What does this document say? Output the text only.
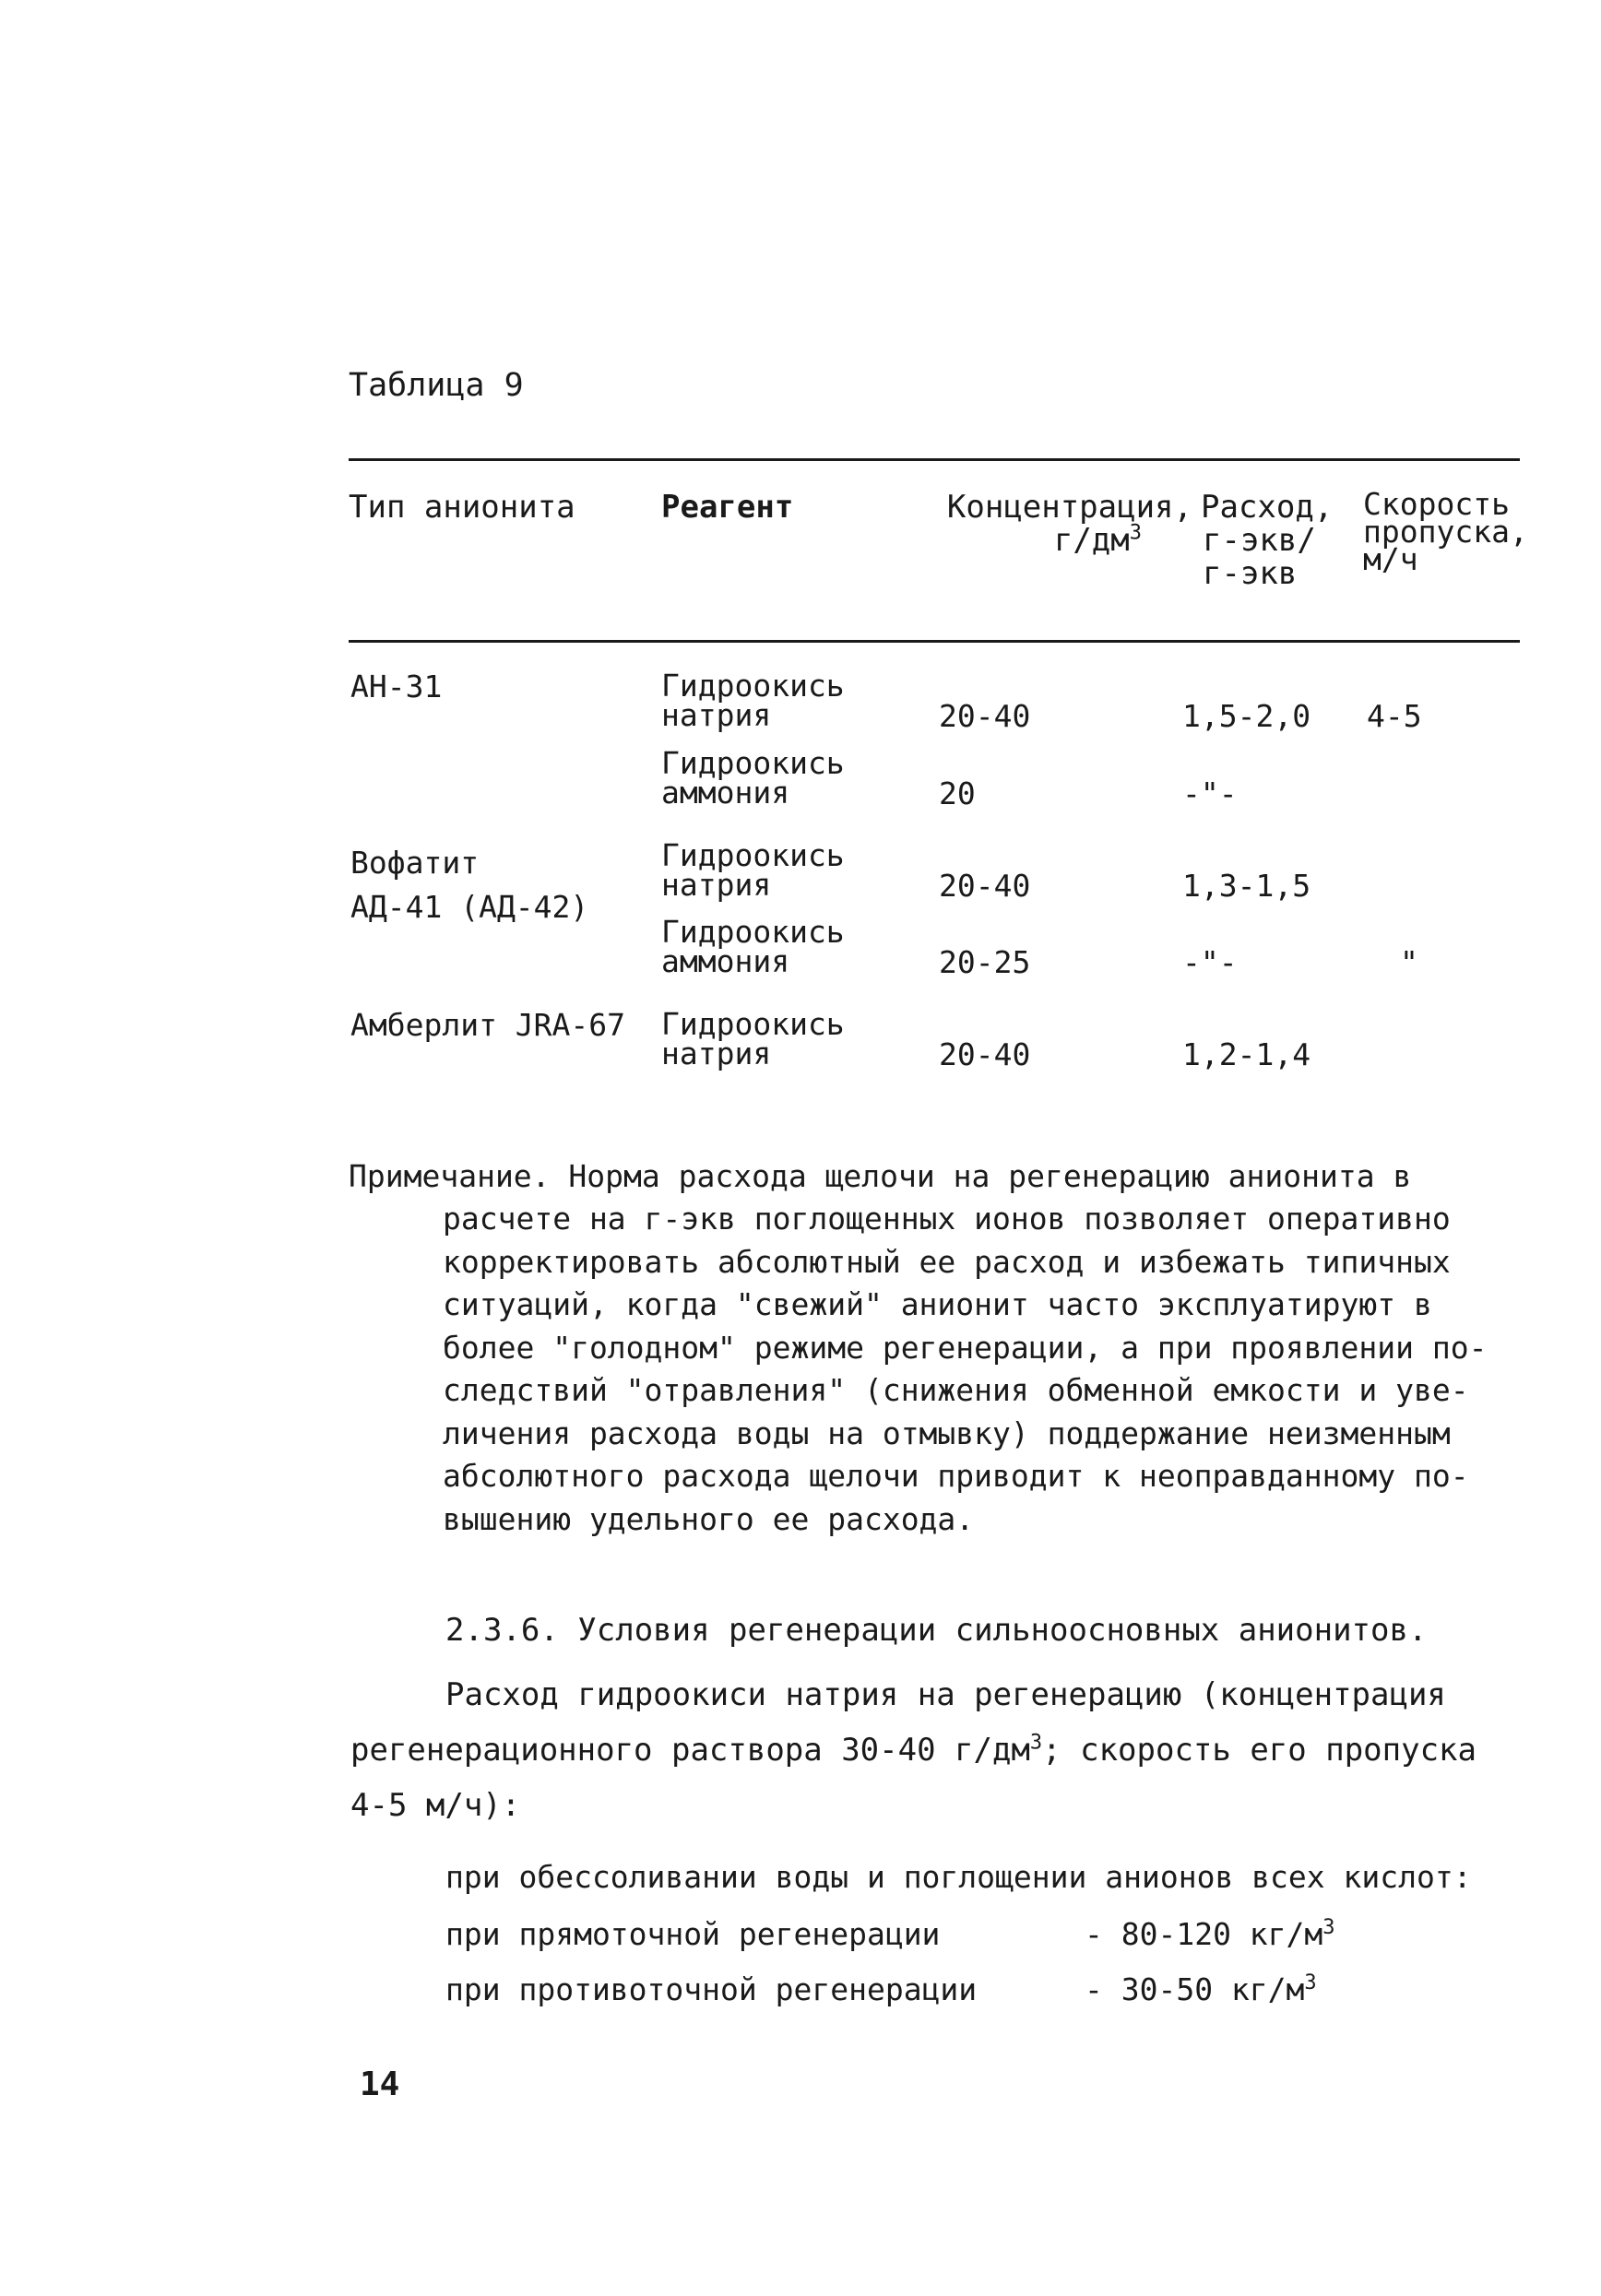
Таблица 9
Тип анионита	Реагент	Концентрация,
$г/дм^3$
Расход,
г-экв/
г-экв
Скорость
пропуска,
м/ч
АН-31	Гидроокись
натрия	20-40	1,5-2,0 4-5
Гидроокись
аммония	20	-"-
Вофатит
АД-41 (АД-42)
Гидроокись
натрия	20-40	1,3-1,5
Гидроокись
аммония	20-25	-"-	"
Амберлит JRA-67 Гидроокись
натрия	20-40	1,2-1,4
Примечание. Норма расхода щелочи на регенерацию анионита в
расчете на г-экв поглощенных ионов позволяет оперативно
корректировать абсолютный ее расход и избежать типичных
ситуаций, когда "свежий" анионит часто эксплуатируют в
более "голодном" режиме регенерации, а при проявлении по-
следствий "отравления" (снижения обменной емкости и уве-
личения расхода воды на отмывку) поддержание неизменным
абсолютного расхода щелочи приводит к неоправданному по-
вышению удельного ее расхода.
2.3.6. Условия регенерации сильноосновных анионитов.
Расход гидроокиси натрия на регенерацию (концентрация
регенерационного раствора 30-40 $г/дм^3$; скорость его пропуска
4-5 м/ч):
при обессоливании воды и поглощении анионов всех кислот:
при прямоточной регенерации	- 80-120 $кг/м^3$
при противоточной регенерации	- 30-50 $кг/м^3$
14
